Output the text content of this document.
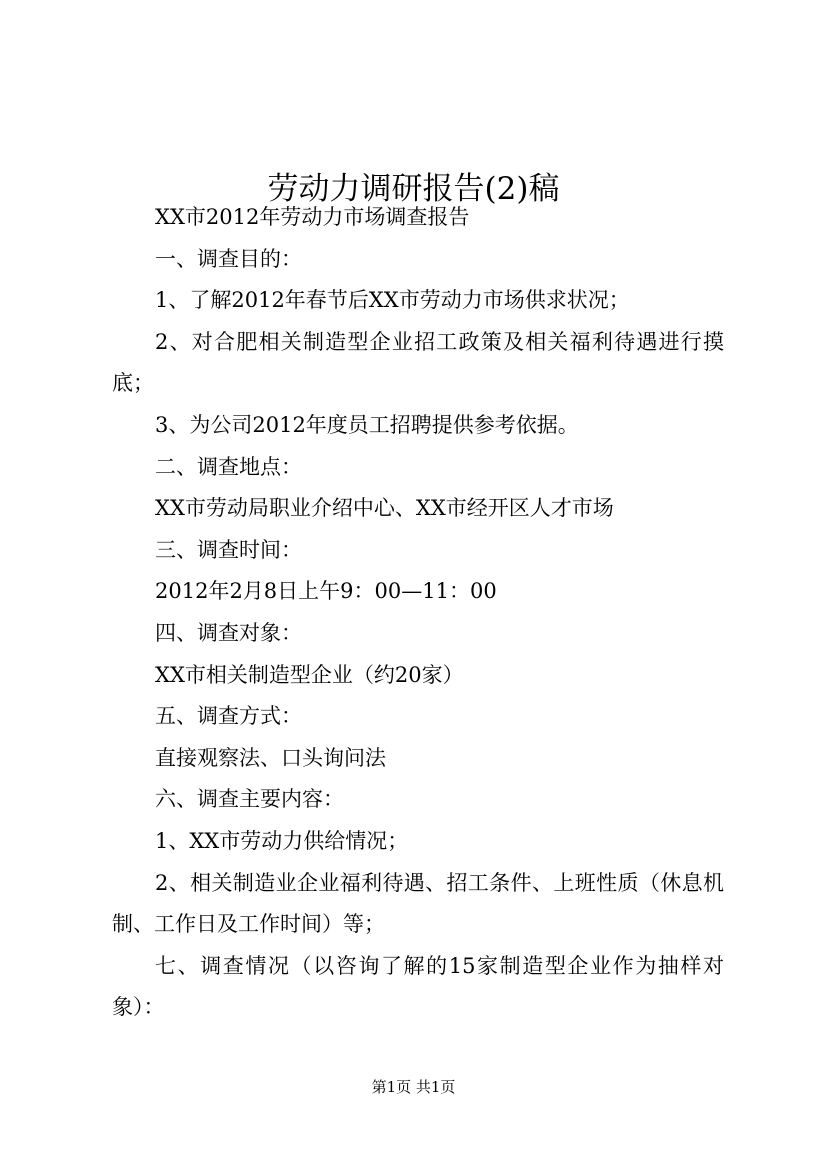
劳动力调研报告(2)稿

XX市2012年劳动力市场调查报告

一、调查目的：

1、了解2012年春节后XX市劳动力市场供求状况；

2、对合肥相关制造型企业招工政策及相关福利待遇进行摸底；

3、为公司2012年度员工招聘提供参考依据。

二、调查地点：

XX市劳动局职业介绍中心、XX市经开区人才市场

三、调查时间：

2012年2月8日上午9：00—11：00

四、调查对象：

XX市相关制造型企业（约20家）

五、调查方式：

直接观察法、口头询问法

六、调查主要内容：

1、XX市劳动力供给情况；

2、相关制造业企业福利待遇、招工条件、上班性质（休息机制、工作日及工作时间）等；

七、调查情况（以咨询了解的15家制造型企业作为抽样对象）：

第1页 共1页
